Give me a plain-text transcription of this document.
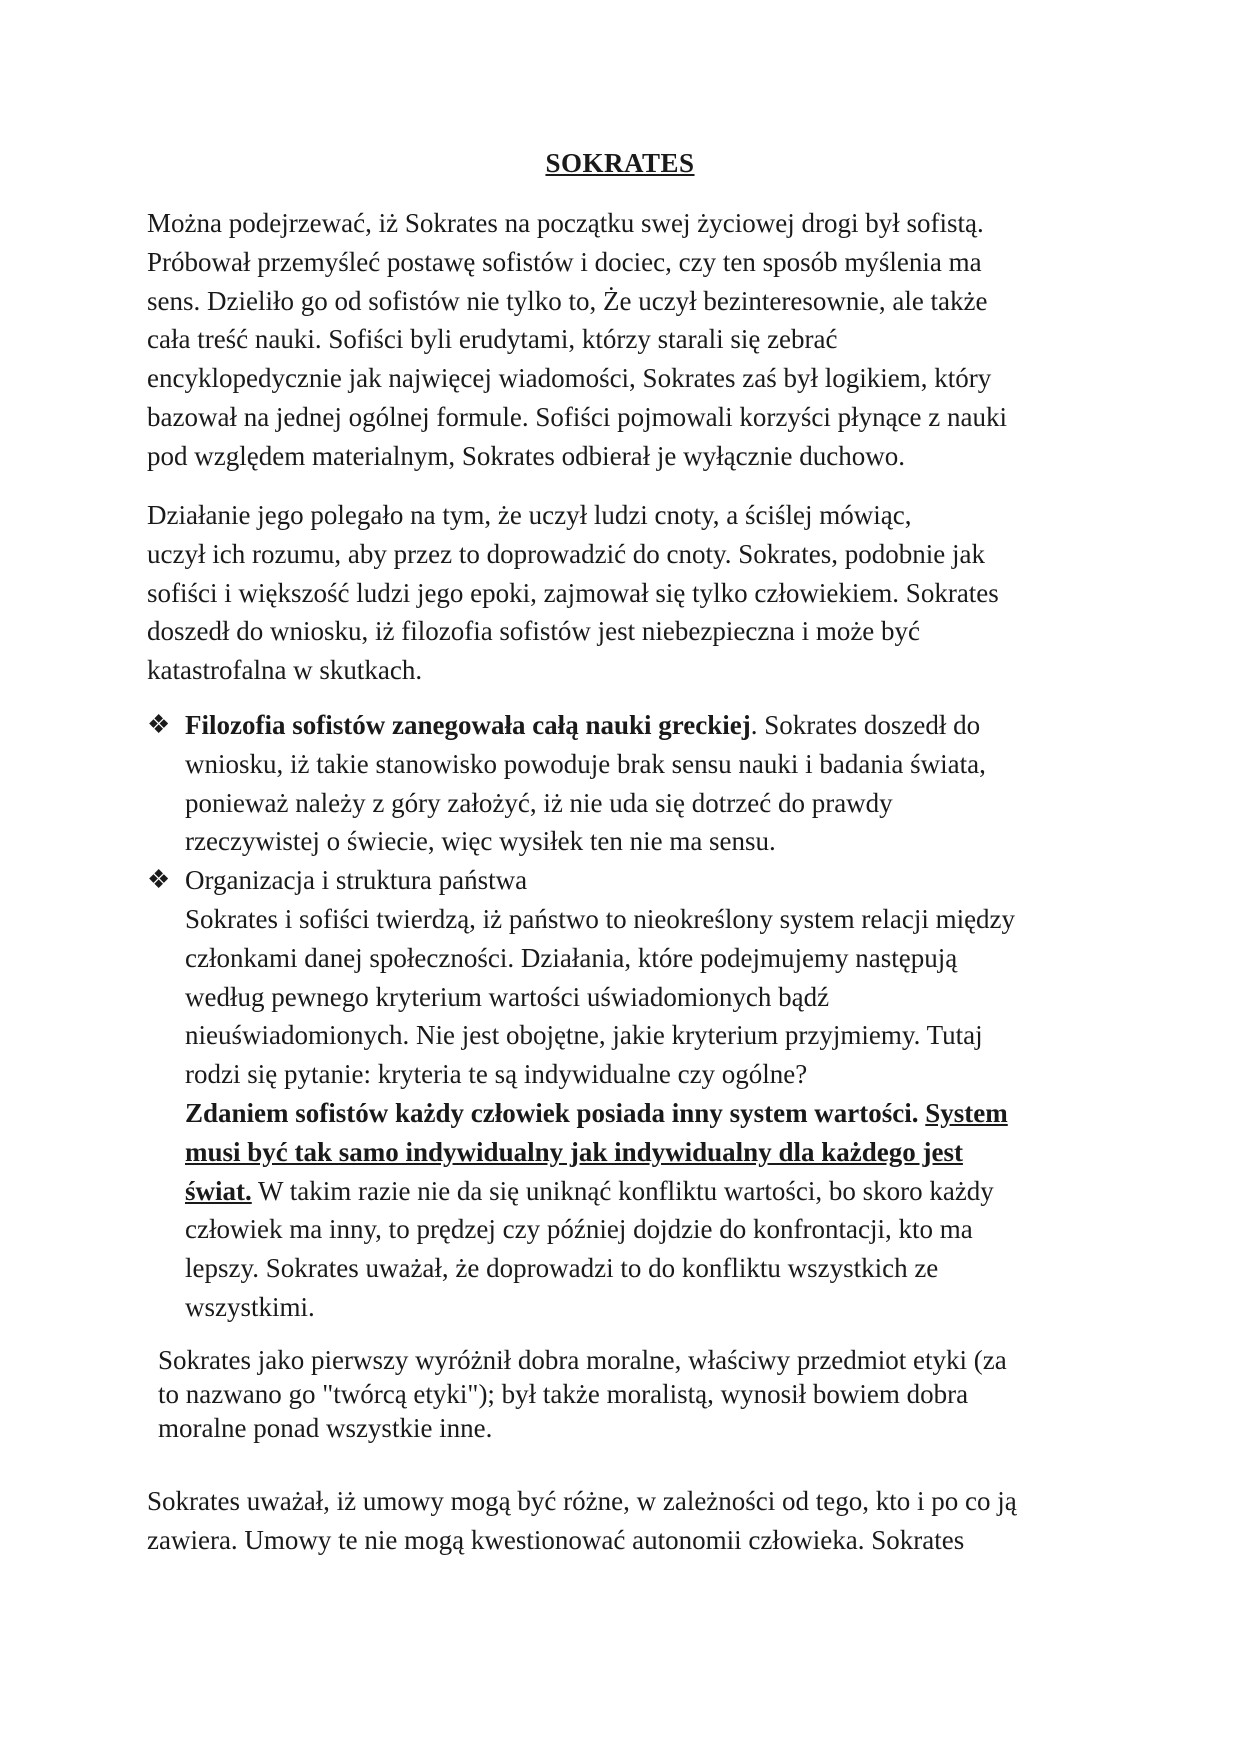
SOKRATES

Można podejrzewać, iż Sokrates na początku swej życiowej drogi był sofistą.
Próbował przemyśleć postawę sofistów i dociec, czy ten sposób myślenia ma
sens. Dzieliło go od sofistów nie tylko to, Że uczył bezinteresownie, ale także
cała treść nauki. Sofiści byli erudytami, którzy starali się zebrać
encyklopedycznie jak najwięcej wiadomości, Sokrates zaś był logikiem, który
bazował na jednej ogólnej formule. Sofiści pojmowali korzyści płynące z nauki
pod względem materialnym, Sokrates odbierał je wyłącznie duchowo.

Działanie jego polegało na tym, że uczył ludzi cnoty, a ściślej mówiąc,
uczył ich rozumu, aby przez to doprowadzić do cnoty. Sokrates, podobnie jak
sofiści i większość ludzi jego epoki, zajmował się tylko człowiekiem. Sokrates
doszedł do wniosku, iż filozofia sofistów jest niebezpieczna i może być
katastrofalna w skutkach.

❖ Filozofia sofistów zanegowała całą nauki greckiej. Sokrates doszedł do
wniosku, iż takie stanowisko powoduje brak sensu nauki i badania świata,
ponieważ należy z góry założyć, iż nie uda się dotrzeć do prawdy
rzeczywistej o świecie, więc wysiłek ten nie ma sensu.
❖ Organizacja i struktura państwa
Sokrates i sofiści twierdzą, iż państwo to nieokreślony system relacji między
członkami danej społeczności. Działania, które podejmujemy następują
według pewnego kryterium wartości uświadomionych bądź
nieuświadomionych. Nie jest obojętne, jakie kryterium przyjmiemy. Tutaj
rodzi się pytanie: kryteria te są indywidualne czy ogólne?
Zdaniem sofistów każdy człowiek posiada inny system wartości. System
musi być tak samo indywidualny jak indywidualny dla każdego jest
świat. W takim razie nie da się uniknąć konfliktu wartości, bo skoro każdy
człowiek ma inny, to prędzej czy później dojdzie do konfrontacji, kto ma
lepszy. Sokrates uważał, że doprowadzi to do konfliktu wszystkich ze
wszystkimi.

Sokrates jako pierwszy wyróżnił dobra moralne, właściwy przedmiot etyki (za
to nazwano go "twórcą etyki"); był także moralistą, wynosił bowiem dobra
moralne ponad wszystkie inne.

Sokrates uważał, iż umowy mogą być różne, w zależności od tego, kto i po co ją
zawiera. Umowy te nie mogą kwestionować autonomii człowieka. Sokrates
